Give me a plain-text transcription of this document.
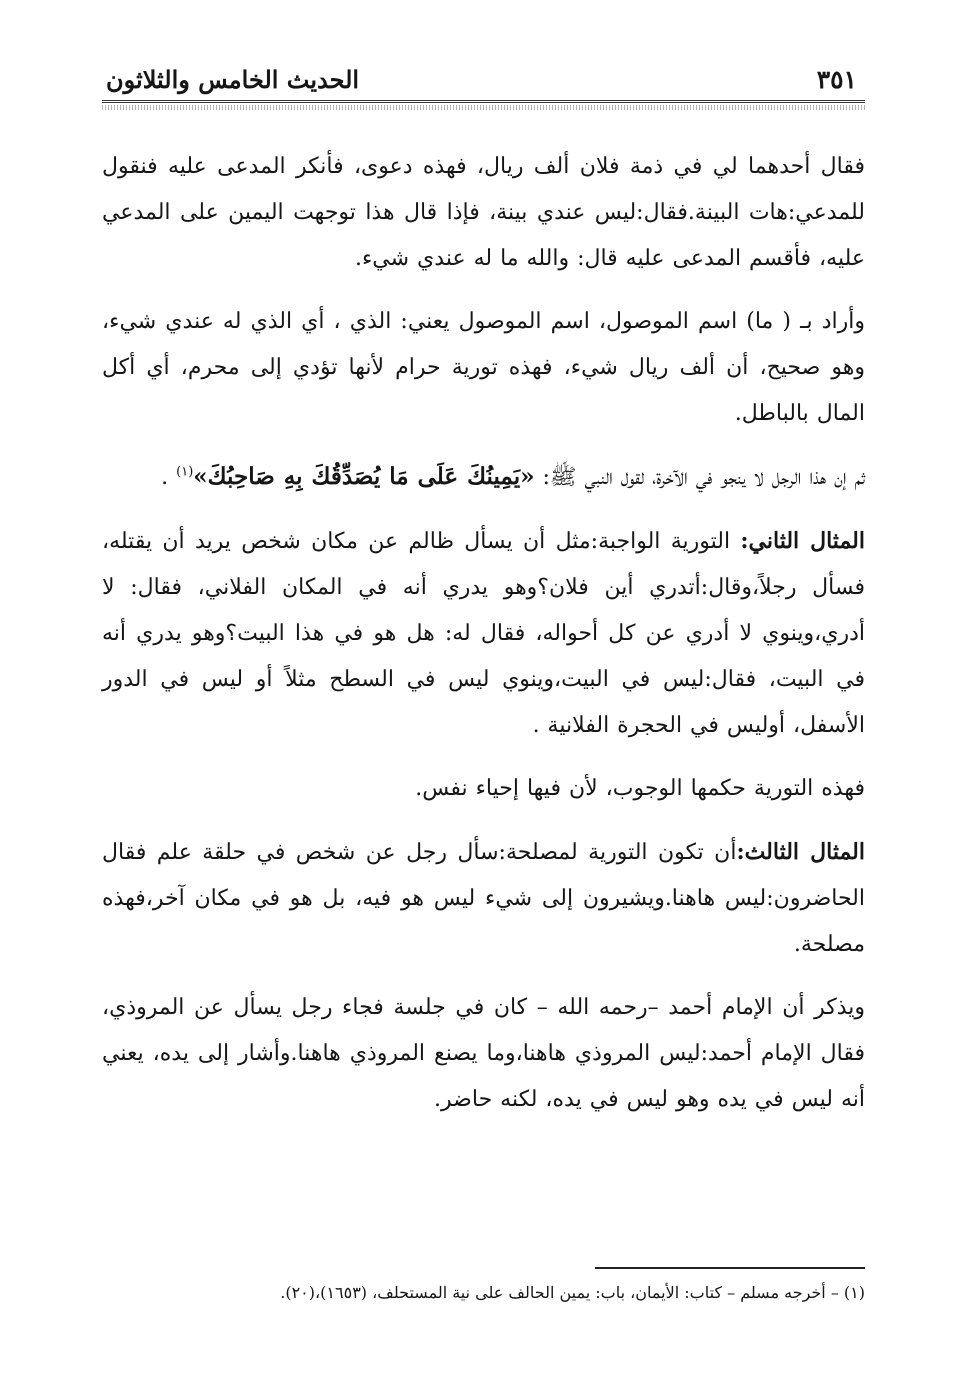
٣٥١
الحديث الخامس والثلاثون

فقال أحدهما لي في ذمة فلان ألف ريال، فهذه دعوى، فأنكر المدعى عليه فنقول للمدعي:هات البينة.فقال:ليس عندي بينة، فإذا قال هذا توجهت اليمين على المدعي عليه، فأقسم المدعى عليه قال: والله ما له عندي شيء.

وأراد بـ ( ما) اسم الموصول، اسم الموصول يعني: الذي ، أي الذي له عندي شيء، وهو صحيح، أن ألف ريال شيء، فهذه تورية حرام لأنها تؤدي إلى محرم، أي أكل المال بالباطل.

ثم إن هذا الرجل لا ينجو في الآخرة، لقول النبي ﷺ: «يَمِينُكَ عَلَى مَا يُصَدِّقُكَ بِهِ صَاحِبُكَ»$^{(١)}$ .

المثال الثاني: التورية الواجبة:مثل أن يسأل ظالم عن مكان شخص يريد أن يقتله، فسأل رجلاً،وقال:أتدري أين فلان؟وهو يدري أنه في المكان الفلاني، فقال: لا أدري،وينوي لا أدري عن كل أحواله، فقال له: هل هو في هذا البيت؟وهو يدري أنه في البيت، فقال:ليس في البيت،وينوي ليس في السطح مثلاً أو ليس في الدور الأسفل، أوليس في الحجرة الفلانية .

فهذه التورية حكمها الوجوب، لأن فيها إحياء نفس.

المثال الثالث:أن تكون التورية لمصلحة:سأل رجل عن شخص في حلقة علم فقال الحاضرون:ليس هاهنا.ويشيرون إلى شيء ليس هو فيه، بل هو في مكان آخر،فهذه مصلحة.

ويذكر أن الإمام أحمد –رحمه الله – كان في جلسة فجاء رجل يسأل عن المروذي، فقال الإمام أحمد:ليس المروذي هاهنا،وما يصنع المروذي هاهنا.وأشار إلى يده، يعني أنه ليس في يده وهو ليس في يده، لكنه حاضر.

(١) – أخرجه مسلم – كتاب: الأيمان، باب: يمين الحالف على نية المستحلف، (١٦٥٣)،(٢٠).
